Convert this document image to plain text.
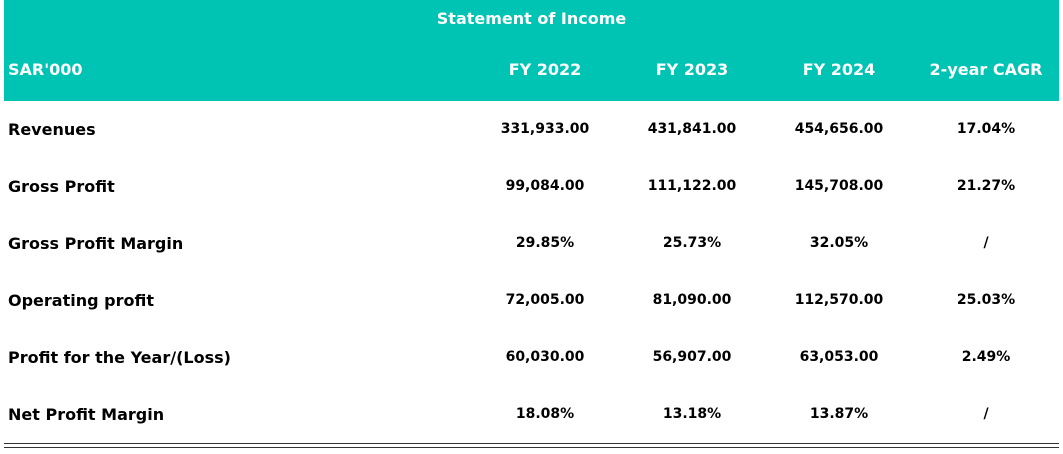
Statement of Income
SAR'000	FY 2022	FY 2023	FY 2024	2-year CAGR
Revenues	331,933.00	431,841.00	454,656.00	17.04%
Gross Profit	99,084.00	111,122.00	145,708.00	21.27%
Gross Profit Margin	29.85%	25.73%	32.05%	/
Operating profit	72,005.00	81,090.00	112,570.00	25.03%
Profit for the Year/(Loss)	60,030.00	56,907.00	63,053.00	2.49%
Net Profit Margin	18.08%	13.18%	13.87%	/
